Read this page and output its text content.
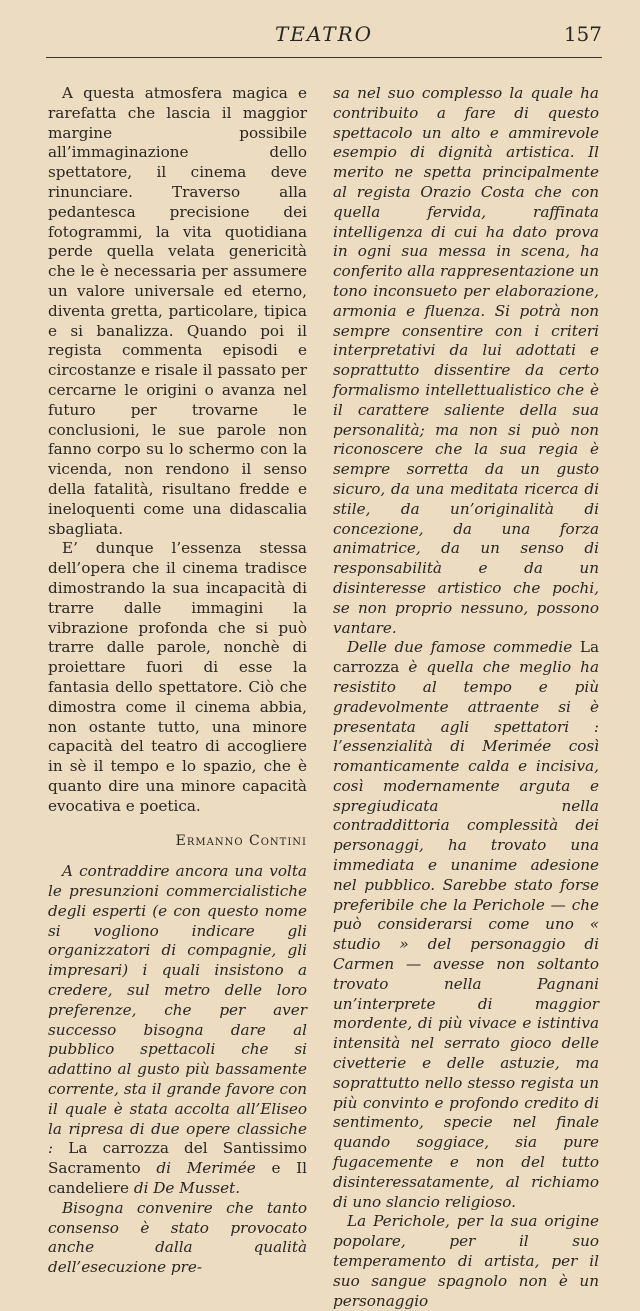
TEATRO	157

A questa atmosfera magica e rarefatta che lascia il maggior margine possibile all’immaginazione dello spettatore, il cinema deve rinunciare. Traverso alla pedantesca precisione dei fotogrammi, la vita quotidiana perde quella velata genericità che le è necessaria per assumere un valore universale ed eterno, diventa gretta, particolare, tipica e si banalizza. Quando poi il regista commenta episodi e circostanze e risale il passato per cercarne le origini o avanza nel futuro per trovarne le conclusioni, le sue parole non fanno corpo su lo schermo con la vicenda, non rendono il senso della fatalità, risultano fredde e ineloquenti come una didascalia sbagliata.

E’ dunque l’essenza stessa dell’opera che il cinema tradisce dimostrando la sua incapacità di trarre dalle immagini la vibrazione profonda che si può trarre dalle parole, nonchè di proiettare fuori di esse la fantasia dello spettatore. Ciò che dimostra come il cinema abbia, non ostante tutto, una minore capacità del teatro di accogliere in sè il tempo e lo spazio, che è quanto dire una minore capacità evocativa e poetica.

Ermanno Contini

A contraddire ancora una volta le presunzioni commercialistiche degli esperti (e con questo nome si vogliono indicare gli organizzatori di compagnie, gli impresari) i quali insistono a credere, sul metro delle loro preferenze, che per aver successo bisogna dare al pubblico spettacoli che si adattino al gusto più bassamente corrente, sta il grande favore con il quale è stata accolta all’Eliseo la ripresa di due opere classiche : La carrozza del Santissimo Sacramento di Merimée e Il candeliere di De Musset.

Bisogna convenire che tanto consenso è stato provocato anche dalla qualità dell’esecuzione pre-

sa nel suo complesso la quale ha contribuito a fare di questo spettacolo un alto e ammirevole esempio di dignità artistica. Il merito ne spetta principalmente al regista Orazio Costa che con quella fervida, raffinata intelligenza di cui ha dato prova in ogni sua messa in scena, ha conferito alla rappresentazione un tono inconsueto per elaborazione, armonia e fluenza. Si potrà non sempre consentire con i criteri interpretativi da lui adottati e soprattutto dissentire da certo formalismo intellettualistico che è il carattere saliente della sua personalità; ma non si può non riconoscere che la sua regia è sempre sorretta da un gusto sicuro, da una meditata ricerca di stile, da un’originalità di concezione, da una forza animatrice, da un senso di responsabilità e da un disinteresse artistico che pochi, se non proprio nessuno, possono vantare.

Delle due famose commedie La carrozza è quella che meglio ha resistito al tempo e più gradevolmente attraente si è presentata agli spettatori : l’essenzialità di Merimée così romanticamente calda e incisiva, così modernamente arguta e spregiudicata nella contraddittoria complessità dei personaggi, ha trovato una immediata e unanime adesione nel pubblico. Sarebbe stato forse preferibile che la Perichole — che può considerarsi come uno « studio » del personaggio di Carmen — avesse non soltanto trovato nella Pagnani un’interprete di maggior mordente, di più vivace e istintiva intensità nel serrato gioco delle civetterie e delle astuzie, ma soprattutto nello stesso regista un più convinto e profondo credito di sentimento, specie nel finale quando soggiace, sia pure fugacemente e non del tutto disinteressatamente, al richiamo di uno slancio religioso.

La Perichole, per la sua origine popolare, per il suo temperamento di artista, per il suo sangue spagnolo non è un personaggio
